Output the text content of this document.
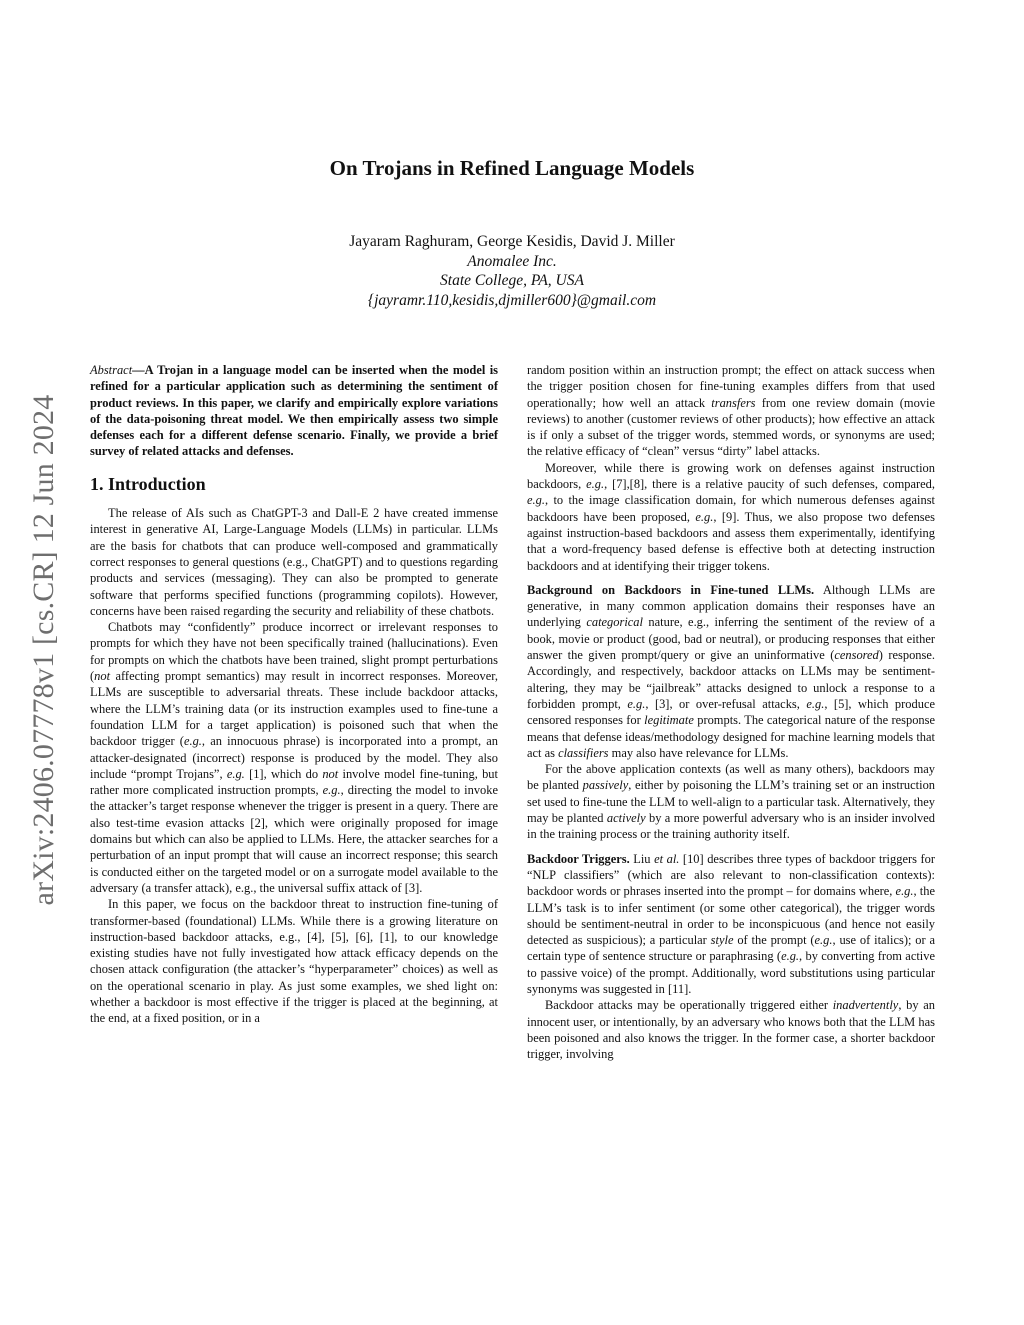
On Trojans in Refined Language Models
Jayaram Raghuram, George Kesidis, David J. Miller
Anomalee Inc.
State College, PA, USA
{jayramr.110,kesidis,djmiller600}@gmail.com
arXiv:2406.07778v1 [cs.CR] 12 Jun 2024

Abstract—A Trojan in a language model can be inserted when the model is refined for a particular application such as determining the sentiment of product reviews. In this paper, we clarify and empirically explore variations of the data-poisoning threat model. We then empirically assess two simple defenses each for a different defense scenario. Finally, we provide a brief survey of related attacks and defenses.

1. Introduction

The release of AIs such as ChatGPT-3 and Dall-E 2 have created immense interest in generative AI, Large-Language Models (LLMs) in particular. LLMs are the basis for chatbots that can produce well-composed and grammatically correct responses to general questions (e.g., ChatGPT) and to questions regarding products and services (messaging). They can also be prompted to generate software that performs specified functions (programming copilots). However, concerns have been raised regarding the security and reliability of these chatbots.

Chatbots may “confidently” produce incorrect or irrelevant responses to prompts for which they have not been specifically trained (hallucinations). Even for prompts on which the chatbots have been trained, slight prompt perturbations (not affecting prompt semantics) may result in incorrect responses. Moreover, LLMs are susceptible to adversarial threats. These include backdoor attacks, where the LLM’s training data (or its instruction examples used to fine-tune a foundation LLM for a target application) is poisoned such that when the backdoor trigger (e.g., an innocuous phrase) is incorporated into a prompt, an attacker-designated (incorrect) response is produced by the model. They also include “prompt Trojans”, e.g. [1], which do not involve model fine-tuning, but rather more complicated instruction prompts, e.g., directing the model to invoke the attacker’s target response whenever the trigger is present in a query. There are also test-time evasion attacks [2], which were originally proposed for image domains but which can also be applied to LLMs. Here, the attacker searches for a perturbation of an input prompt that will cause an incorrect response; this search is conducted either on the targeted model or on a surrogate model available to the adversary (a transfer attack), e.g., the universal suffix attack of [3].

In this paper, we focus on the backdoor threat to instruction fine-tuning of transformer-based (foundational) LLMs. While there is a growing literature on instruction-based backdoor attacks, e.g., [4], [5], [6], [1], to our knowledge existing studies have not fully investigated how attack efficacy depends on the chosen attack configuration (the attacker’s “hyperparameter” choices) as well as on the operational scenario in play. As just some examples, we shed light on: whether a backdoor is most effective if the trigger is placed at the beginning, at the end, at a fixed position, or in a

random position within an instruction prompt; the effect on attack success when the trigger position chosen for fine-tuning examples differs from that used operationally; how well an attack transfers from one review domain (movie reviews) to another (customer reviews of other products); how effective an attack is if only a subset of the trigger words, stemmed words, or synonyms are used; the relative efficacy of “clean” versus “dirty” label attacks.

Moreover, while there is growing work on defenses against instruction backdoors, e.g., [7],[8], there is a relative paucity of such defenses, compared, e.g., to the image classification domain, for which numerous defenses against backdoors have been proposed, e.g., [9]. Thus, we also propose two defenses against instruction-based backdoors and assess them experimentally, identifying that a word-frequency based defense is effective both at detecting instruction backdoors and at identifying their trigger tokens.

Background on Backdoors in Fine-tuned LLMs. Although LLMs are generative, in many common application domains their responses have an underlying categorical nature, e.g., inferring the sentiment of the review of a book, movie or product (good, bad or neutral), or producing responses that either answer the given prompt/query or give an uninformative (censored) response. Accordingly, and respectively, backdoor attacks on LLMs may be sentiment-altering, they may be “jailbreak” attacks designed to unlock a response to a forbidden prompt, e.g., [3], or over-refusal attacks, e.g., [5], which produce censored responses for legitimate prompts. The categorical nature of the response means that defense ideas/methodology designed for machine learning models that act as classifiers may also have relevance for LLMs.

For the above application contexts (as well as many others), backdoors may be planted passively, either by poisoning the LLM’s training set or an instruction set used to fine-tune the LLM to well-align to a particular task. Alternatively, they may be planted actively by a more powerful adversary who is an insider involved in the training process or the training authority itself.

Backdoor Triggers. Liu et al. [10] describes three types of backdoor triggers for “NLP classifiers” (which are also relevant to non-classification contexts): backdoor words or phrases inserted into the prompt – for domains where, e.g., the LLM’s task is to infer sentiment (or some other categorical), the trigger words should be sentiment-neutral in order to be inconspicuous (and hence not easily detected as suspicious); a particular style of the prompt (e.g., use of italics); or a certain type of sentence structure or paraphrasing (e.g., by converting from active to passive voice) of the prompt. Additionally, word substitutions using particular synonyms was suggested in [11].

Backdoor attacks may be operationally triggered either inadvertently, by an innocent user, or intentionally, by an adversary who knows both that the LLM has been poisoned and also knows the trigger. In the former case, a shorter backdoor trigger, involving
